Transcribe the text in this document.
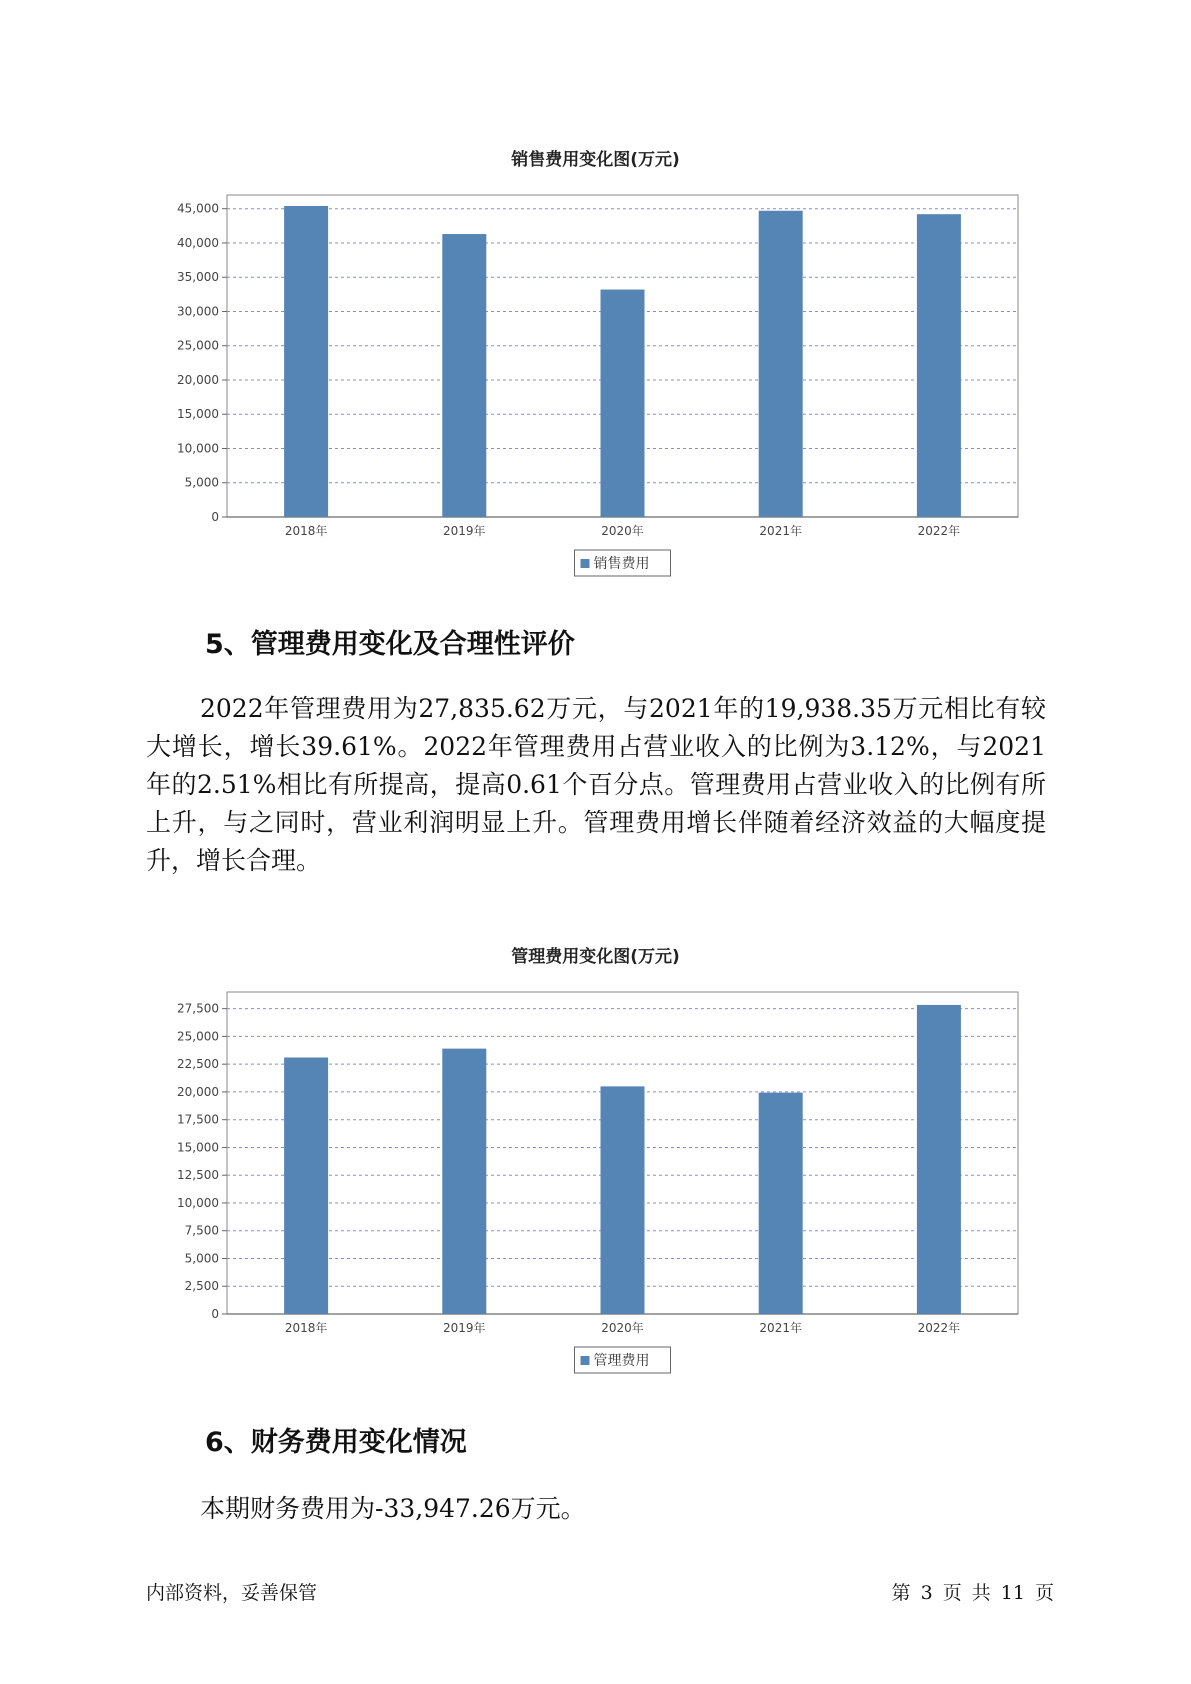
销售费用变化图(万元)
0
5,000
10,000
15,000
20,000
25,000
30,000
35,000
40,000
45,000
2018年	2019年	2020年	2021年	2022年
销售费用
5、管理费用变化及合理性评价

2022年管理费用为27,835.62万元，与2021年的19,938.35万元相比有较大增长，增长39.61%。2022年管理费用占营业收入的比例为3.12%，与2021年的2.51%相比有所提高，提高0.61个百分点。管理费用占营业收入的比例有所上升，与之同时，营业利润明显上升。管理费用增长伴随着经济效益的大幅度提升，增长合理。

管理费用变化图(万元)
0
2,500
5,000
7,500
10,000
12,500
15,000
17,500
20,000
22,500
25,000
27,500
2018年	2019年	2020年	2021年	2022年
管理费用
6、财务费用变化情况

本期财务费用为-33,947.26万元。

内部资料，妥善保管	第 3 页 共 11 页
